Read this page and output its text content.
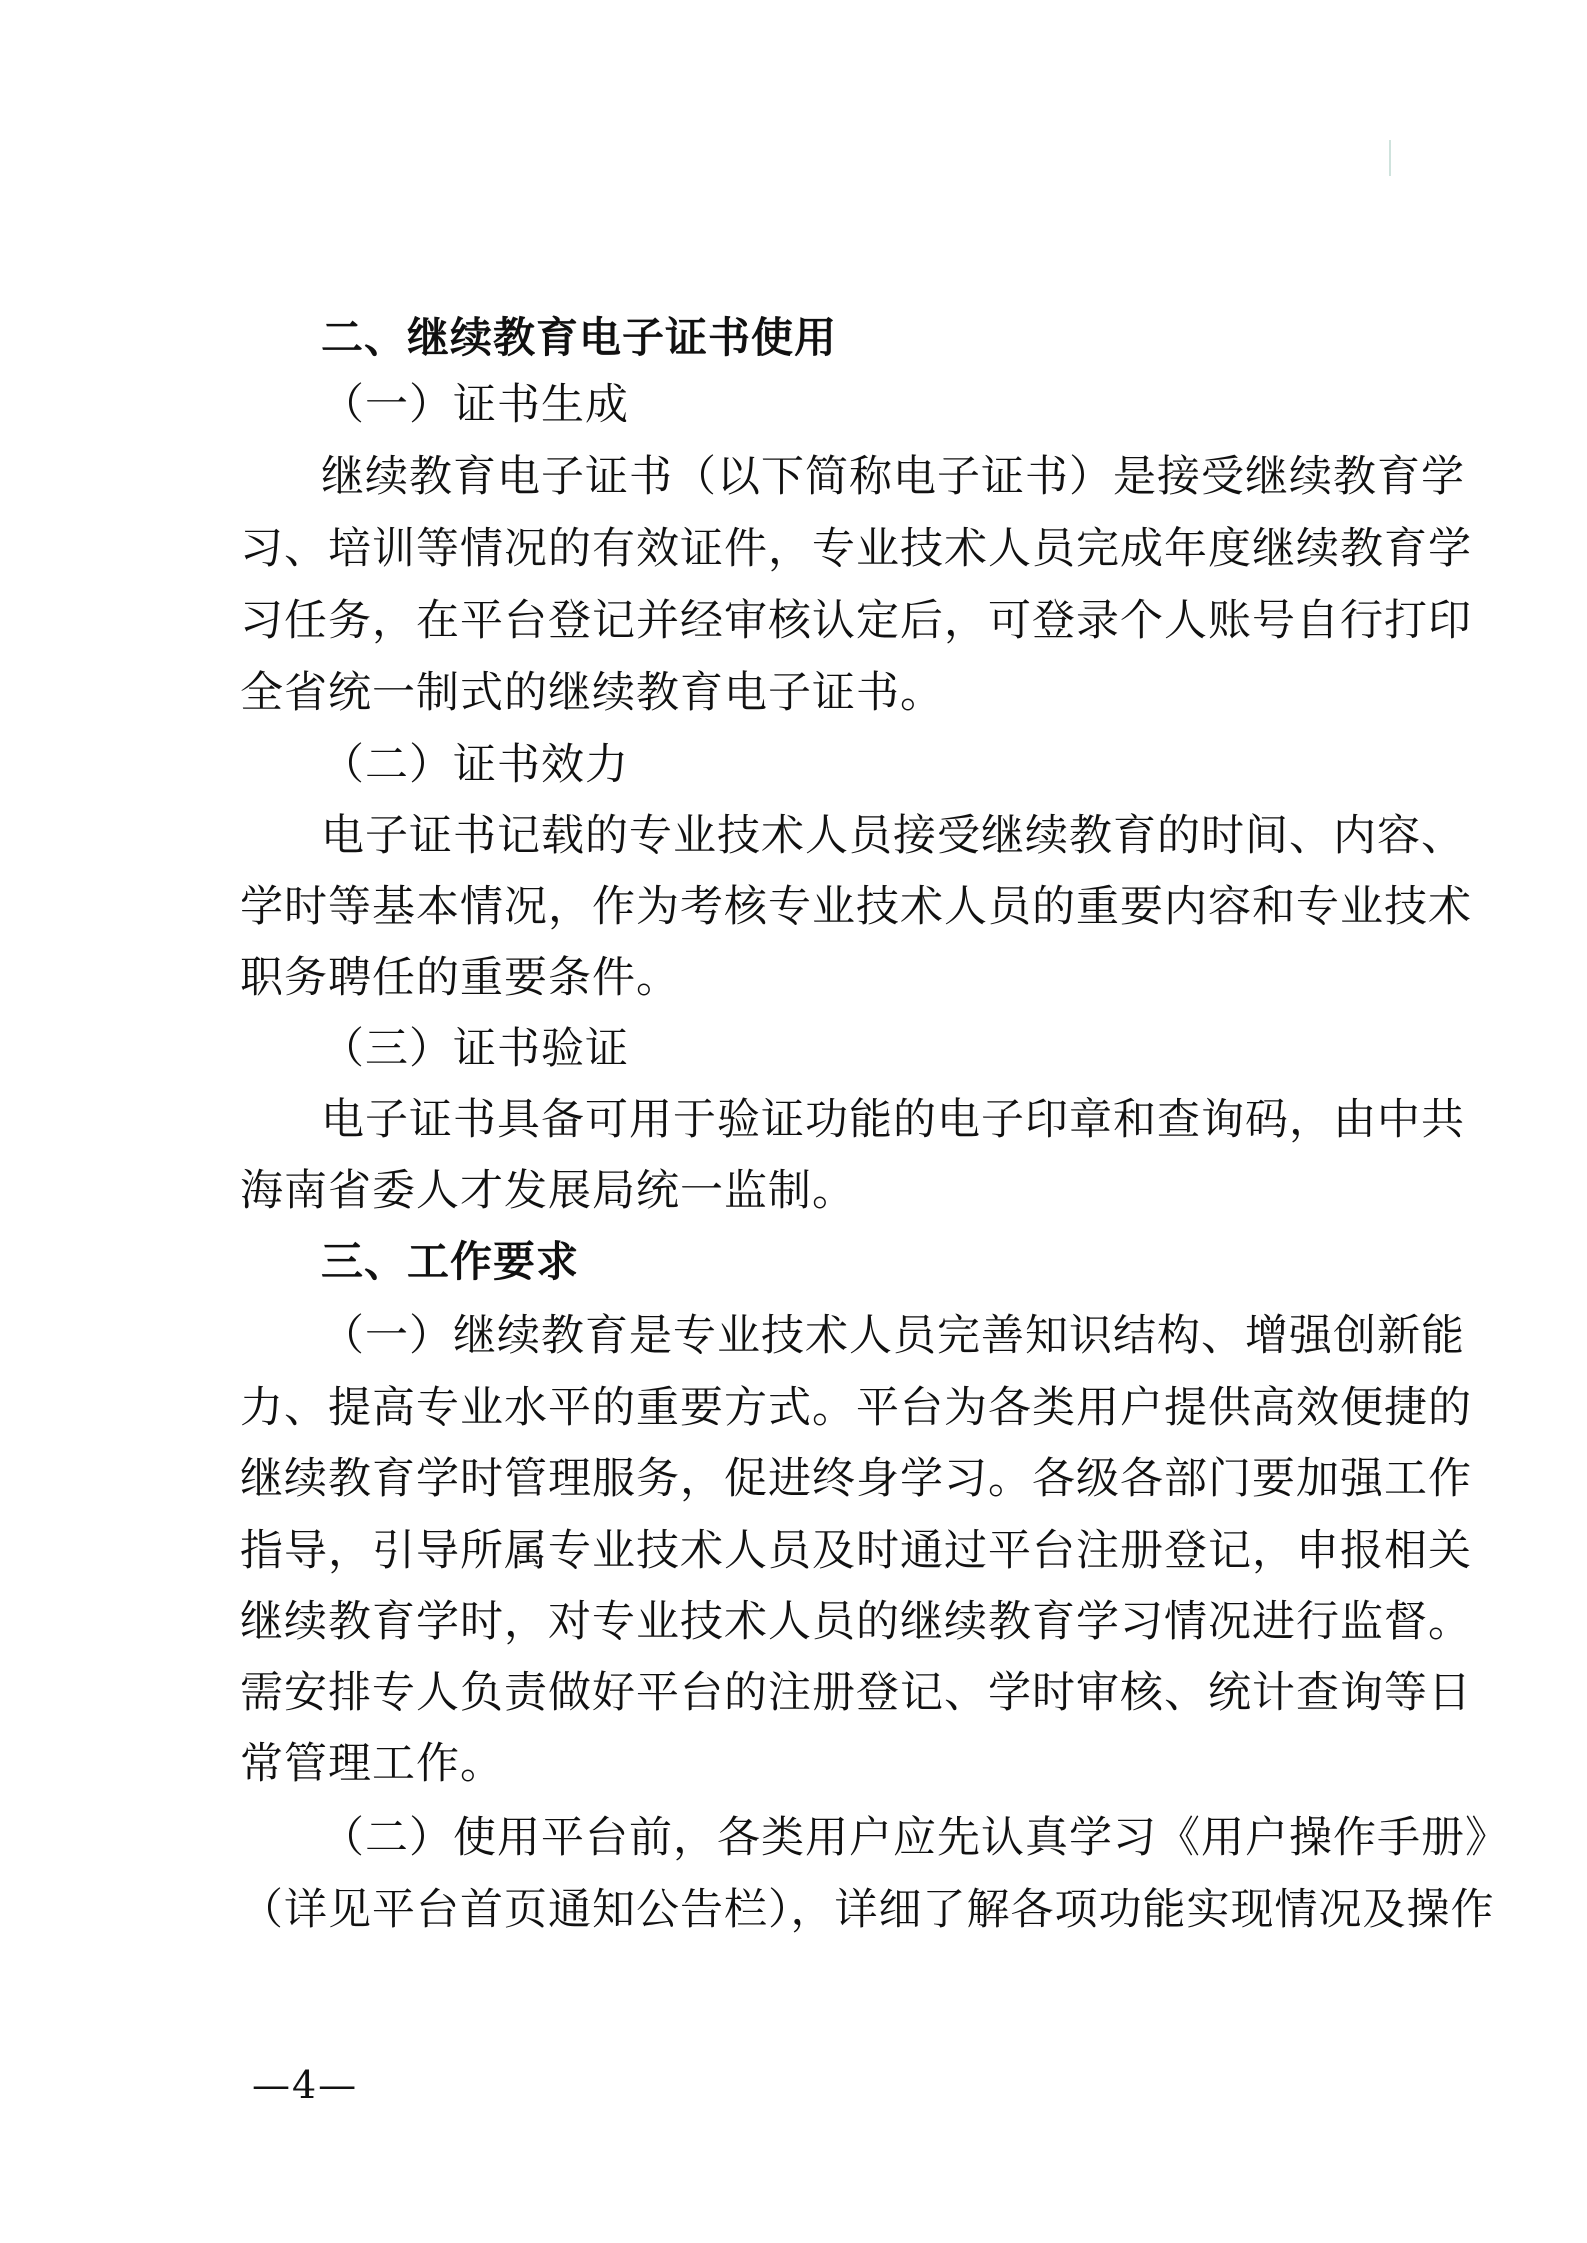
二、继续教育电子证书使用
（一）证书生成
继续教育电子证书（以下简称电子证书）是接受继续教育学
习、培训等情况的有效证件，专业技术人员完成年度继续教育学
习任务，在平台登记并经审核认定后，可登录个人账号自行打印
全省统一制式的继续教育电子证书。
（二）证书效力
电子证书记载的专业技术人员接受继续教育的时间、内容、
学时等基本情况，作为考核专业技术人员的重要内容和专业技术
职务聘任的重要条件。
（三）证书验证
电子证书具备可用于验证功能的电子印章和查询码，由中共
海南省委人才发展局统一监制。
三、工作要求
（一）继续教育是专业技术人员完善知识结构、增强创新能
力、提高专业水平的重要方式。平台为各类用户提供高效便捷的
继续教育学时管理服务，促进终身学习。各级各部门要加强工作
指导，引导所属专业技术人员及时通过平台注册登记，申报相关
继续教育学时，对专业技术人员的继续教育学习情况进行监督。
需安排专人负责做好平台的注册登记、学时审核、统计查询等日
常管理工作。
（二）使用平台前，各类用户应先认真学习《用户操作手册》
（详见平台首页通知公告栏），详细了解各项功能实现情况及操作
—4—
